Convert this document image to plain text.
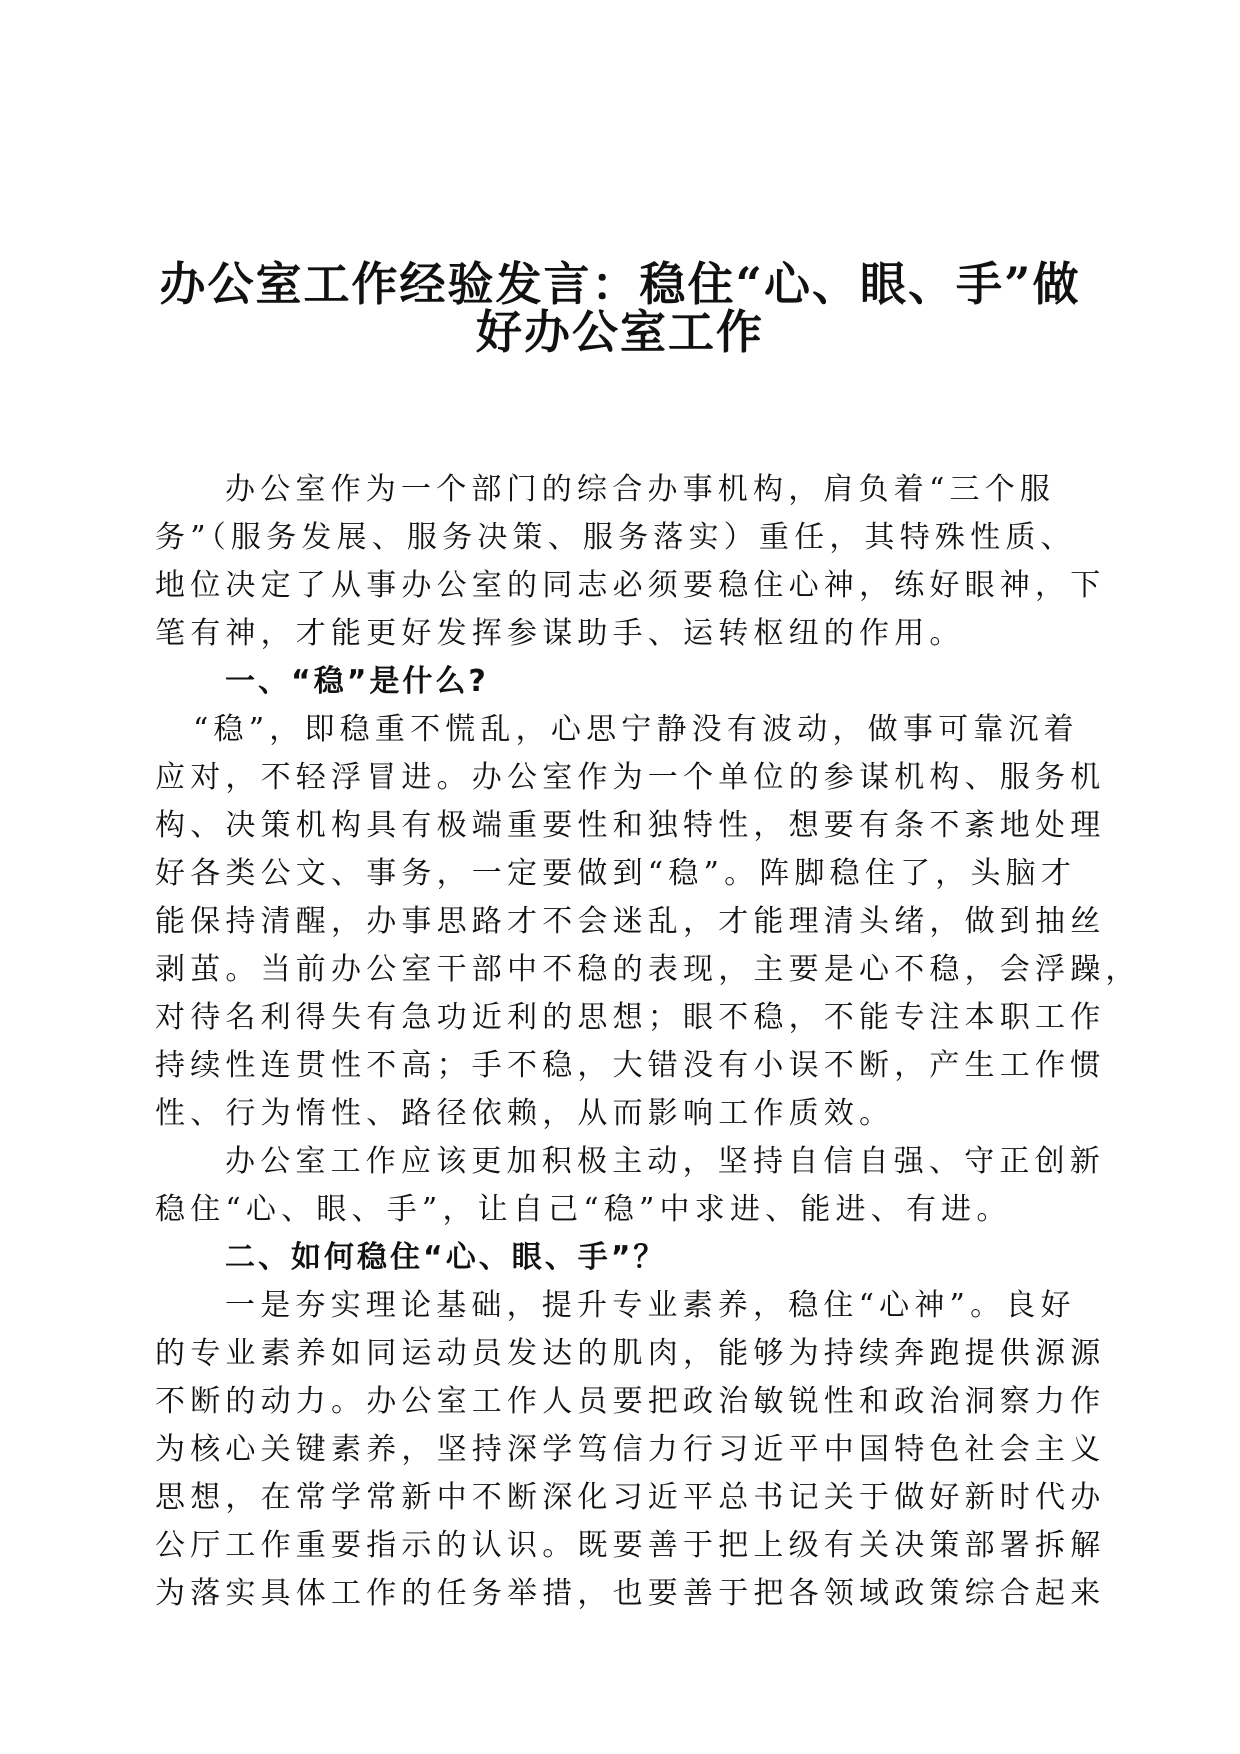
办公室工作经验发言：稳住“心、眼、手”做
好办公室工作
办公室作为一个部门的综合办事机构，肩负着“三个服
务”（服务发展、服务决策、服务落实）重任，其特殊性质、
地位决定了从事办公室的同志必须要稳住心神，练好眼神，下
笔有神，才能更好发挥参谋助手、运转枢纽的作用。
一、“稳”是什么?
“稳”，即稳重不慌乱，心思宁静没有波动，做事可靠沉着
应对，不轻浮冒进。办公室作为一个单位的参谋机构、服务机
构、决策机构具有极端重要性和独特性，想要有条不紊地处理
好各类公文、事务，一定要做到“稳”。阵脚稳住了，头脑才
能保持清醒，办事思路才不会迷乱，才能理清头绪，做到抽丝
剥茧。当前办公室干部中不稳的表现，主要是心不稳，会浮躁，
对待名利得失有急功近利的思想；眼不稳，不能专注本职工作
持续性连贯性不高；手不稳，大错没有小误不断，产生工作惯
性、行为惰性、路径依赖，从而影响工作质效。
办公室工作应该更加积极主动，坚持自信自强、守正创新
稳住“心、眼、手”，让自己“稳”中求进、能进、有进。
二、如何稳住“心、眼、手”？
一是夯实理论基础，提升专业素养，稳住“心神”。良好
的专业素养如同运动员发达的肌肉，能够为持续奔跑提供源源
不断的动力。办公室工作人员要把政治敏锐性和政治洞察力作
为核心关键素养，坚持深学笃信力行习近平中国特色社会主义
思想，在常学常新中不断深化习近平总书记关于做好新时代办
公厅工作重要指示的认识。既要善于把上级有关决策部署拆解
为落实具体工作的任务举措，也要善于把各领域政策综合起来
